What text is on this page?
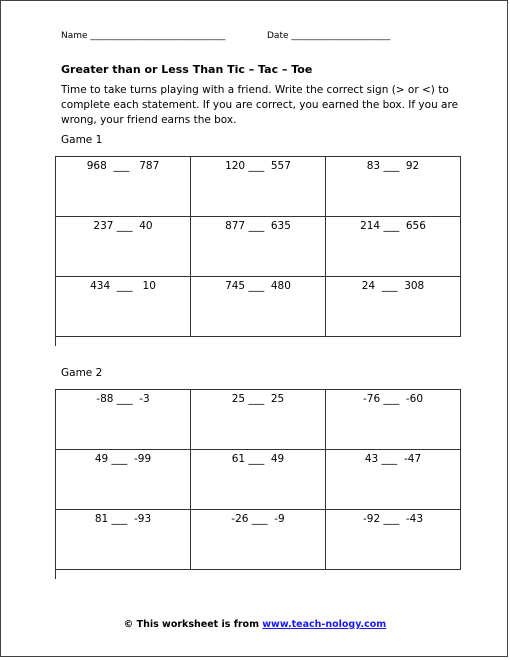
Name ______________________________	Date ______________________
Greater than or Less Than Tic – Tac – Toe
Time to take turns playing with a friend. Write the correct sign (> or <) to complete each statement. If you are correct, you earned the box. If you are wrong, your friend earns the box.
Game 1
968  ___   787	120 ___  557	83 ___  92
237 ___  40	877 ___  635	214 ___  656
434  ___   10	745 ___  480	24  ___  308
Game 2
-88 ___  -3	25 ___  25	-76 ___  -60
49 ___  -99	61 ___  49	43 ___  -47
81 ___  -93	-26 ___  -9	-92 ___  -43
© This worksheet is from www.teach-nology.com
